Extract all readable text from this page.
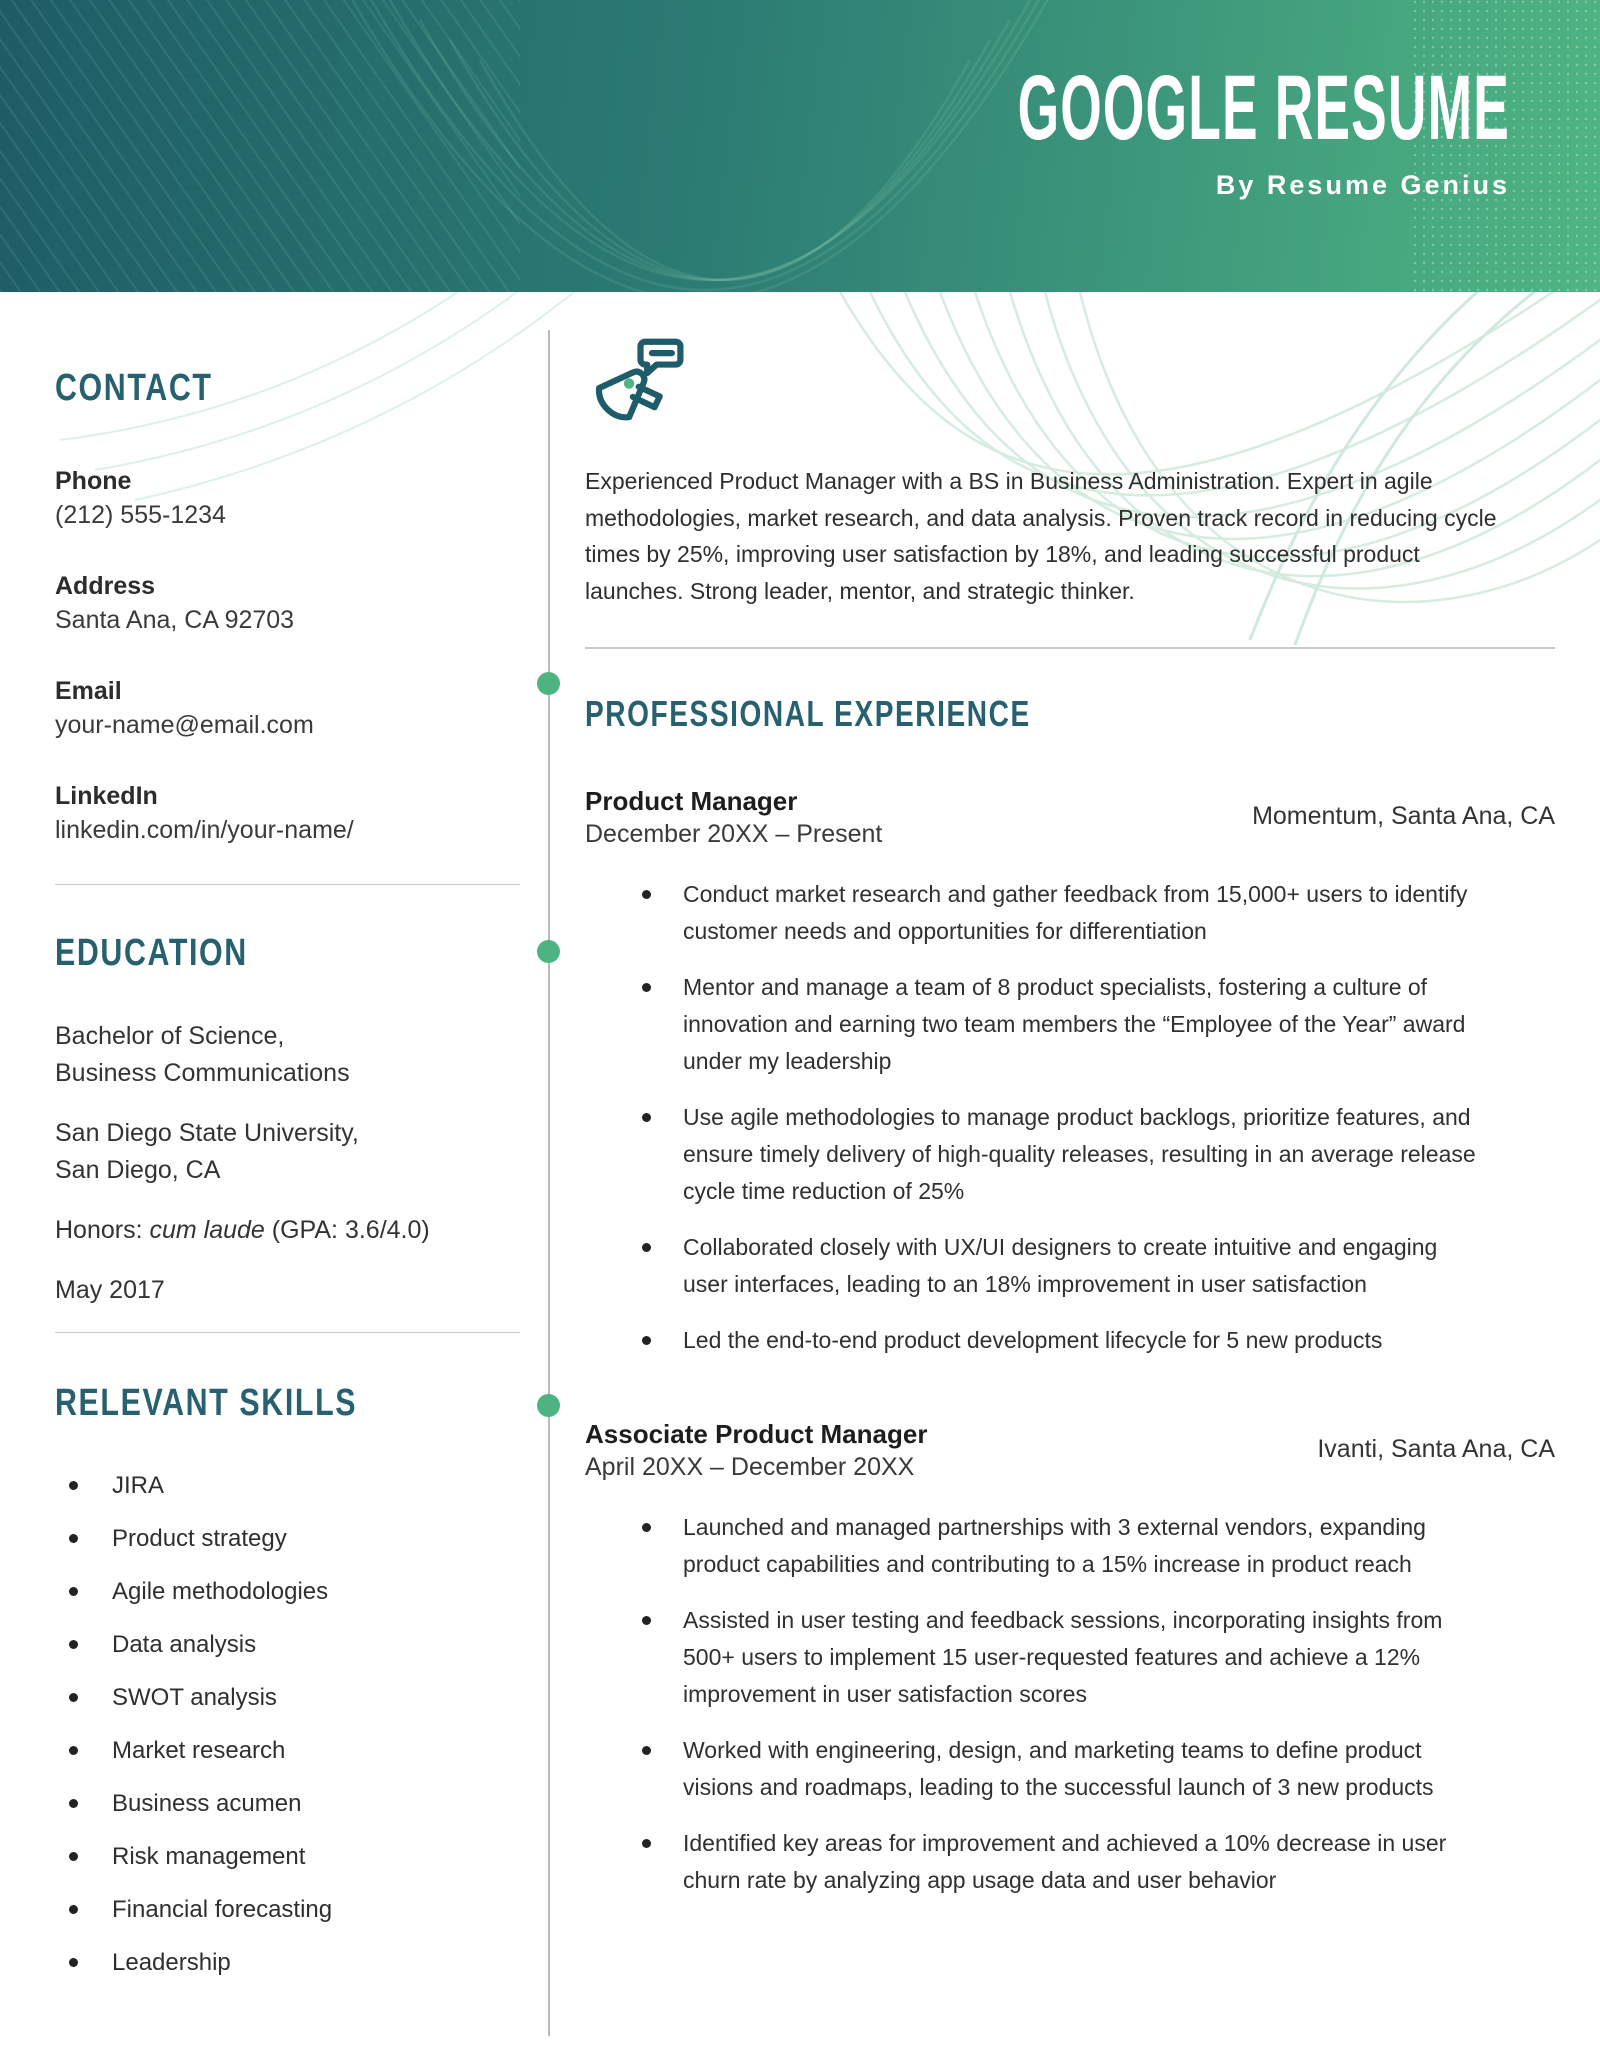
GOOGLE RESUME
By Resume Genius
CONTACT
Phone
(212) 555-1234
Address
Santa Ana, CA 92703
Email
your-name@email.com
LinkedIn
linkedin.com/in/your-name/
EDUCATION

Bachelor of Science,
Business Communications

San Diego State University,
San Diego, CA

Honors: cum laude (GPA: 3.6/4.0)

May 2017

RELEVANT SKILLS
JIRA
Product strategy
Agile methodologies
Data analysis
SWOT analysis
Market research
Business acumen
Risk management
Financial forecasting
Leadership

Experienced Product Manager with a BS in Business Administration. Expert in agile methodologies, market research, and data analysis. Proven track record in reducing cycle times by 25%, improving user satisfaction by 18%, and leading successful product launches. Strong leader, mentor, and strategic thinker.

PROFESSIONAL EXPERIENCE
Product Manager
December 20XX – Present
Momentum, Santa Ana, CA
Conduct market research and gather feedback from 15,000+ users to identify customer needs and opportunities for differentiation
Mentor and manage a team of 8 product specialists, fostering a culture of innovation and earning two team members the “Employee of the Year” award under my leadership
Use agile methodologies to manage product backlogs, prioritize features, and ensure timely delivery of high-quality releases, resulting in an average release cycle time reduction of 25%
Collaborated closely with UX/UI designers to create intuitive and engaging user interfaces, leading to an 18% improvement in user satisfaction
Led the end-to-end product development lifecycle for 5 new products
Associate Product Manager
April 20XX – December 20XX
Ivanti, Santa Ana, CA
Launched and managed partnerships with 3 external vendors, expanding product capabilities and contributing to a 15% increase in product reach
Assisted in user testing and feedback sessions, incorporating insights from 500+ users to implement 15 user-requested features and achieve a 12% improvement in user satisfaction scores
Worked with engineering, design, and marketing teams to define product visions and roadmaps, leading to the successful launch of 3 new products
Identified key areas for improvement and achieved a 10% decrease in user churn rate by analyzing app usage data and user behavior
